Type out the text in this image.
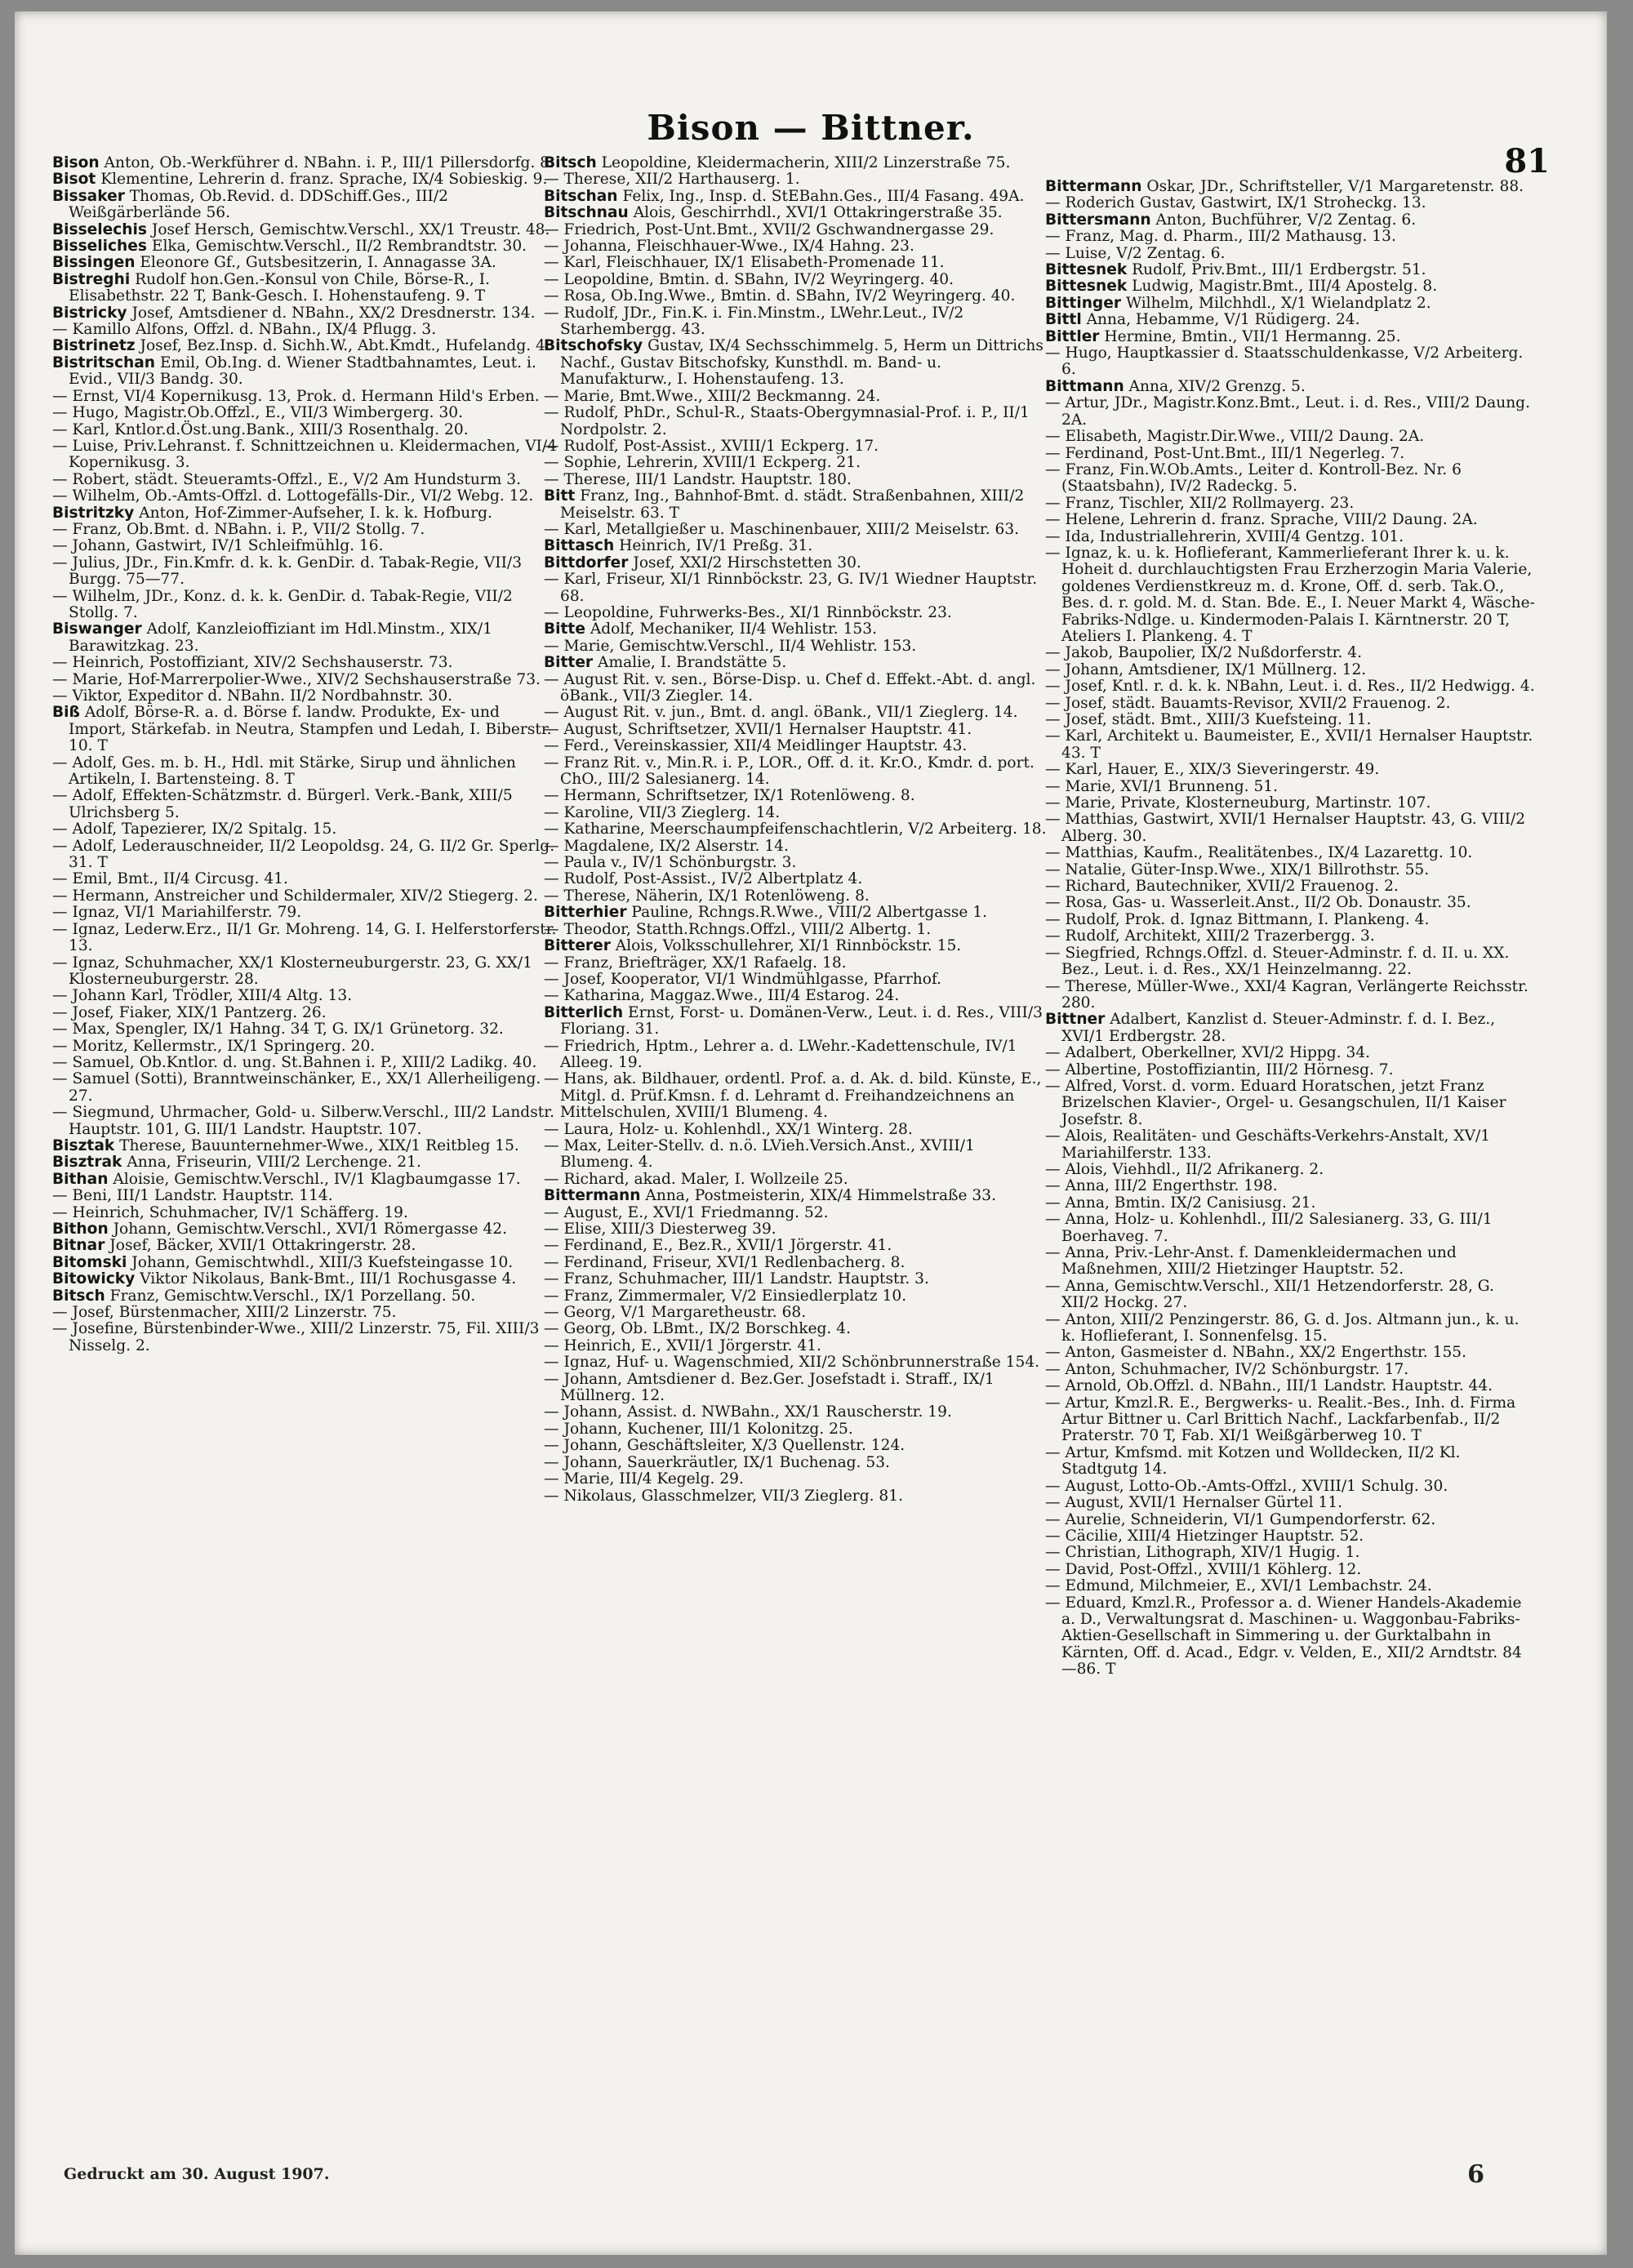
Bison — Bittner.
81
Bison Anton, Ob.-Werkführer d. NBahn. i. P., III/1 Pillersdorfg. 8.
Bisot Klementine, Lehrerin d. franz. Sprache, IX/4 Sobieskig. 9.
Bissaker Thomas, Ob.Revid. d. DDSchiff.Ges., III/2 Weißgärberlände 56.
Bisselechis Josef Hersch, Gemischtw.Verschl., XX/1 Treustr. 48.
Bisseliches Elka, Gemischtw.Verschl., II/2 Rembrandtstr. 30.
Bissingen Eleonore Gf., Gutsbesitzerin, I. Annagasse 3A.
Bistreghi Rudolf hon.Gen.-Konsul von Chile, Börse-R., I. Elisabethstr. 22 T, Bank-Gesch. I. Hohenstaufeng. 9. T
Bistricky Josef, Amtsdiener d. NBahn., XX/2 Dresdnerstr. 134.
— Kamillo Alfons, Offzl. d. NBahn., IX/4 Pflugg. 3.
Bistrinetz Josef, Bez.Insp. d. Sichh.W., Abt.Kmdt., Hufelandg. 4.
Bistritschan Emil, Ob.Ing. d. Wiener Stadtbahnamtes, Leut. i. Evid., VII/3 Bandg. 30.
— Ernst, VI/4 Kopernikusg. 13, Prok. d. Hermann Hild's Erben.
— Hugo, Magistr.Ob.Offzl., E., VII/3 Wimbergerg. 30.
— Karl, Kntlor.d.Öst.ung.Bank., XIII/3 Rosenthalg. 20.
— Luise, Priv.Lehranst. f. Schnittzeichnen u. Kleidermachen, VI/4 Kopernikusg. 3.
— Robert, städt. Steueramts-Offzl., E., V/2 Am Hundsturm 3.
— Wilhelm, Ob.-Amts-Offzl. d. Lottogefälls-Dir., VI/2 Webg. 12.
Bistritzky Anton, Hof-Zimmer-Aufseher, I. k. k. Hofburg.
— Franz, Ob.Bmt. d. NBahn. i. P., VII/2 Stollg. 7.
— Johann, Gastwirt, IV/1 Schleifmühlg. 16.
— Julius, JDr., Fin.Kmfr. d. k. k. GenDir. d. Tabak-Regie, VII/3 Burgg. 75—77.
— Wilhelm, JDr., Konz. d. k. k. GenDir. d. Tabak-Regie, VII/2 Stollg. 7.
Biswanger Adolf, Kanzleioffiziant im Hdl.Minstm., XIX/1 Barawitzkag. 23.
— Heinrich, Postoffiziant, XIV/2 Sechshauserstr. 73.
— Marie, Hof-Marrerpolier-Wwe., XIV/2 Sechshauserstraße 73.
— Viktor, Expeditor d. NBahn. II/2 Nordbahnstr. 30.
Biß Adolf, Börse-R. a. d. Börse f. landw. Produkte, Ex- und Import, Stärkefab. in Neutra, Stampfen und Ledah, I. Biberstr. 10. T
— Adolf, Ges. m. b. H., Hdl. mit Stärke, Sirup und ähnlichen Artikeln, I. Bartensteing. 8. T
— Adolf, Effekten-Schätzmstr. d. Bürgerl. Verk.-Bank, XIII/5 Ulrichsberg 5.
— Adolf, Tapezierer, IX/2 Spitalg. 15.
— Adolf, Lederauschneider, II/2 Leopoldsg. 24, G. II/2 Gr. Sperlg. 31. T
— Emil, Bmt., II/4 Circusg. 41.
— Hermann, Anstreicher und Schildermaler, XIV/2 Stiegerg. 2.
— Ignaz, VI/1 Mariahilferstr. 79.
— Ignaz, Lederw.Erz., II/1 Gr. Mohreng. 14, G. I. Helferstorferstr. 13.
— Ignaz, Schuhmacher, XX/1 Klosterneuburgerstr. 23, G. XX/1 Klosterneuburgerstr. 28.
— Johann Karl, Trödler, XIII/4 Altg. 13.
— Josef, Fiaker, XIX/1 Pantzerg. 26.
— Max, Spengler, IX/1 Hahng. 34 T, G. IX/1 Grünetorg. 32.
— Moritz, Kellermstr., IX/1 Springerg. 20.
— Samuel, Ob.Kntlor. d. ung. St.Bahnen i. P., XIII/2 Ladikg. 40.
— Samuel (Sotti), Branntweinschänker, E., XX/1 Allerheiligeng. 27.
— Siegmund, Uhrmacher, Gold- u. Silberw.Verschl., III/2 Landstr. Hauptstr. 101, G. III/1 Landstr. Hauptstr. 107.
Bisztak Therese, Bauunternehmer-Wwe., XIX/1 Reitbleg 15.
Bisztrak Anna, Friseurin, VIII/2 Lerchenge. 21.
Bithan Aloisie, Gemischtw.Verschl., IV/1 Klagbaumgasse 17.
— Beni, III/1 Landstr. Hauptstr. 114.
— Heinrich, Schuhmacher, IV/1 Schäfferg. 19.
Bithon Johann, Gemischtw.Verschl., XVI/1 Römergasse 42.
Bitnar Josef, Bäcker, XVII/1 Ottakringerstr. 28.
Bitomski Johann, Gemischtwhdl., XIII/3 Kuefsteingasse 10.
Bitowicky Viktor Nikolaus, Bank-Bmt., III/1 Rochusgasse 4.
Bitsch Franz, Gemischtw.Verschl., IX/1 Porzellang. 50.
— Josef, Bürstenmacher, XIII/2 Linzerstr. 75.
— Josefine, Bürstenbinder-Wwe., XIII/2 Linzerstr. 75, Fil. XIII/3 Nisselg. 2.
Bitsch Leopoldine, Kleidermacherin, XIII/2 Linzerstraße 75.
— Therese, XII/2 Harthauserg. 1.
Bitschan Felix, Ing., Insp. d. StEBahn.Ges., III/4 Fasang. 49A.
Bitschnau Alois, Geschirrhdl., XVI/1 Ottakringerstraße 35.
— Friedrich, Post-Unt.Bmt., XVII/2 Gschwandnergasse 29.
— Johanna, Fleischhauer-Wwe., IX/4 Hahng. 23.
— Karl, Fleischhauer, IX/1 Elisabeth-Promenade 11.
— Leopoldine, Bmtin. d. SBahn, IV/2 Weyringerg. 40.
— Rosa, Ob.Ing.Wwe., Bmtin. d. SBahn, IV/2 Weyringerg. 40.
— Rudolf, JDr., Fin.K. i. Fin.Minstm., LWehr.Leut., IV/2 Starhembergg. 43.
Bitschofsky Gustav, IX/4 Sechsschimmelg. 5, Herm un Dittrichs Nachf., Gustav Bitschofsky, Kunsthdl. m. Band- u. Manufakturw., I. Hohenstaufeng. 13.
— Marie, Bmt.Wwe., XIII/2 Beckmanng. 24.
— Rudolf, PhDr., Schul-R., Staats-Obergymnasial-Prof. i. P., II/1 Nordpolstr. 2.
— Rudolf, Post-Assist., XVIII/1 Eckperg. 17.
— Sophie, Lehrerin, XVIII/1 Eckperg. 21.
— Therese, III/1 Landstr. Hauptstr. 180.
Bitt Franz, Ing., Bahnhof-Bmt. d. städt. Straßenbahnen, XIII/2 Meiselstr. 63. T
— Karl, Metallgießer u. Maschinenbauer, XIII/2 Meiselstr. 63.
Bittasch Heinrich, IV/1 Preßg. 31.
Bittdorfer Josef, XXI/2 Hirschstetten 30.
— Karl, Friseur, XI/1 Rinnböckstr. 23, G. IV/1 Wiedner Hauptstr. 68.
— Leopoldine, Fuhrwerks-Bes., XI/1 Rinnböckstr. 23.
Bitte Adolf, Mechaniker, II/4 Wehlistr. 153.
— Marie, Gemischtw.Verschl., II/4 Wehlistr. 153.
Bitter Amalie, I. Brandstätte 5.
— August Rit. v. sen., Börse-Disp. u. Chef d. Effekt.-Abt. d. angl. öBank., VII/3 Ziegler. 14.
— August Rit. v. jun., Bmt. d. angl. öBank., VII/1 Zieglerg. 14.
— August, Schriftsetzer, XVII/1 Hernalser Hauptstr. 41.
— Ferd., Vereinskassier, XII/4 Meidlinger Hauptstr. 43.
— Franz Rit. v., Min.R. i. P., LOR., Off. d. it. Kr.O., Kmdr. d. port. ChO., III/2 Salesianerg. 14.
— Hermann, Schriftsetzer, IX/1 Rotenlöweng. 8.
— Karoline, VII/3 Zieglerg. 14.
— Katharine, Meerschaumpfeifenschachtlerin, V/2 Arbeiterg. 18.
— Magdalene, IX/2 Alserstr. 14.
— Paula v., IV/1 Schönburgstr. 3.
— Rudolf, Post-Assist., IV/2 Albertplatz 4.
— Therese, Näherin, IX/1 Rotenlöweng. 8.
Bitterhier Pauline, Rchngs.R.Wwe., VIII/2 Albertgasse 1.
— Theodor, Statth.Rchngs.Offzl., VIII/2 Albertg. 1.
Bitterer Alois, Volksschullehrer, XI/1 Rinnböckstr. 15.
— Franz, Briefträger, XX/1 Rafaelg. 18.
— Josef, Kooperator, VI/1 Windmühlgasse, Pfarrhof.
— Katharina, Maggaz.Wwe., III/4 Estarog. 24.
Bitterlich Ernst, Forst- u. Domänen-Verw., Leut. i. d. Res., VIII/3 Floriang. 31.
— Friedrich, Hptm., Lehrer a. d. LWehr.-Kadettenschule, IV/1 Alleeg. 19.
— Hans, ak. Bildhauer, ordentl. Prof. a. d. Ak. d. bild. Künste, E., Mitgl. d. Prüf.Kmsn. f. d. Lehramt d. Freihandzeichnens an Mittelschulen, XVIII/1 Blumeng. 4.
— Laura, Holz- u. Kohlenhdl., XX/1 Winterg. 28.
— Max, Leiter-Stellv. d. n.ö. LVieh.Versich.Anst., XVIII/1 Blumeng. 4.
— Richard, akad. Maler, I. Wollzeile 25.
Bittermann Anna, Postmeisterin, XIX/4 Himmelstraße 33.
— August, E., XVI/1 Friedmanng. 52.
— Elise, XIII/3 Diesterweg 39.
— Ferdinand, E., Bez.R., XVII/1 Jörgerstr. 41.
— Ferdinand, Friseur, XVI/1 Redlenbacherg. 8.
— Franz, Schuhmacher, III/1 Landstr. Hauptstr. 3.
— Franz, Zimmermaler, V/2 Einsiedlerplatz 10.
— Georg, V/1 Margaretheustr. 68.
— Georg, Ob. LBmt., IX/2 Borschkeg. 4.
— Heinrich, E., XVII/1 Jörgerstr. 41.
— Ignaz, Huf- u. Wagenschmied, XII/2 Schönbrunnerstraße 154.
— Johann, Amtsdiener d. Bez.Ger. Josefstadt i. Straff., IX/1 Müllnerg. 12.
— Johann, Assist. d. NWBahn., XX/1 Rauscherstr. 19.
— Johann, Kuchener, III/1 Kolonitzg. 25.
— Johann, Geschäftsleiter, X/3 Quellenstr. 124.
— Johann, Sauerkräutler, IX/1 Buchenag. 53.
— Marie, III/4 Kegelg. 29.
— Nikolaus, Glasschmelzer, VII/3 Zieglerg. 81.
Bittermann Oskar, JDr., Schriftsteller, V/1 Margaretenstr. 88.
— Roderich Gustav, Gastwirt, IX/1 Stroheckg. 13.
Bittersmann Anton, Buchführer, V/2 Zentag. 6.
— Franz, Mag. d. Pharm., III/2 Mathausg. 13.
— Luise, V/2 Zentag. 6.
Bittesnek Rudolf, Priv.Bmt., III/1 Erdbergstr. 51.
Bittesnek Ludwig, Magistr.Bmt., III/4 Apostelg. 8.
Bittinger Wilhelm, Milchhdl., X/1 Wielandplatz 2.
Bittl Anna, Hebamme, V/1 Rüdigerg. 24.
Bittler Hermine, Bmtin., VII/1 Hermanng. 25.
— Hugo, Hauptkassier d. Staatsschuldenkasse, V/2 Arbeiterg. 6.
Bittmann Anna, XIV/2 Grenzg. 5.
— Artur, JDr., Magistr.Konz.Bmt., Leut. i. d. Res., VIII/2 Daung. 2A.
— Elisabeth, Magistr.Dir.Wwe., VIII/2 Daung. 2A.
— Ferdinand, Post-Unt.Bmt., III/1 Negerleg. 7.
— Franz, Fin.W.Ob.Amts., Leiter d. Kontroll-Bez. Nr. 6 (Staatsbahn), IV/2 Radeckg. 5.
— Franz, Tischler, XII/2 Rollmayerg. 23.
— Helene, Lehrerin d. franz. Sprache, VIII/2 Daung. 2A.
— Ida, Industriallehrerin, XVIII/4 Gentzg. 101.
— Ignaz, k. u. k. Hoflieferant, Kammerlieferant Ihrer k. u. k. Hoheit d. durchlauchtigsten Frau Erzherzogin Maria Valerie, goldenes Verdienstkreuz m. d. Krone, Off. d. serb. Tak.O., Bes. d. r. gold. M. d. Stan. Bde. E., I. Neuer Markt 4, Wäsche-Fabriks-Ndlge. u. Kindermoden-Palais I. Kärntnerstr. 20 T, Ateliers I. Plankeng. 4. T
— Jakob, Baupolier, IX/2 Nußdorferstr. 4.
— Johann, Amtsdiener, IX/1 Müllnerg. 12.
— Josef, Kntl. r. d. k. k. NBahn, Leut. i. d. Res., II/2 Hedwigg. 4.
— Josef, städt. Bauamts-Revisor, XVII/2 Frauenog. 2.
— Josef, städt. Bmt., XIII/3 Kuefsteing. 11.
— Karl, Architekt u. Baumeister, E., XVII/1 Hernalser Hauptstr. 43. T
— Karl, Hauer, E., XIX/3 Sieveringerstr. 49.
— Marie, XVI/1 Brunneng. 51.
— Marie, Private, Klosterneuburg, Martinstr. 107.
— Matthias, Gastwirt, XVII/1 Hernalser Hauptstr. 43, G. VIII/2 Alberg. 30.
— Matthias, Kaufm., Realitätenbes., IX/4 Lazarettg. 10.
— Natalie, Güter-Insp.Wwe., XIX/1 Billrothstr. 55.
— Richard, Bautechniker, XVII/2 Frauenog. 2.
— Rosa, Gas- u. Wasserleit.Anst., II/2 Ob. Donaustr. 35.
— Rudolf, Prok. d. Ignaz Bittmann, I. Plankeng. 4.
— Rudolf, Architekt, XIII/2 Trazerbergg. 3.
— Siegfried, Rchngs.Offzl. d. Steuer-Adminstr. f. d. II. u. XX. Bez., Leut. i. d. Res., XX/1 Heinzelmanng. 22.
— Therese, Müller-Wwe., XXI/4 Kagran, Verlängerte Reichsstr. 280.
Bittner Adalbert, Kanzlist d. Steuer-Adminstr. f. d. I. Bez., XVI/1 Erdbergstr. 28.
— Adalbert, Oberkellner, XVI/2 Hippg. 34.
— Albertine, Postoffiziantin, III/2 Hörnesg. 7.
— Alfred, Vorst. d. vorm. Eduard Horatschen, jetzt Franz Brizelschen Klavier-, Orgel- u. Gesangschulen, II/1 Kaiser Josefstr. 8.
— Alois, Realitäten- und Geschäfts-Verkehrs-Anstalt, XV/1 Mariahilferstr. 133.
— Alois, Viehhdl., II/2 Afrikanerg. 2.
— Anna, III/2 Engerthstr. 198.
— Anna, Bmtin. IX/2 Canisiusg. 21.
— Anna, Holz- u. Kohlenhdl., III/2 Salesianerg. 33, G. III/1 Boerhaveg. 7.
— Anna, Priv.-Lehr-Anst. f. Damenkleidermachen und Maßnehmen, XIII/2 Hietzinger Hauptstr. 52.
— Anna, Gemischtw.Verschl., XII/1 Hetzendorferstr. 28, G. XII/2 Hockg. 27.
— Anton, XIII/2 Penzingerstr. 86, G. d. Jos. Altmann jun., k. u. k. Hoflieferant, I. Sonnenfelsg. 15.
— Anton, Gasmeister d. NBahn., XX/2 Engerthstr. 155.
— Anton, Schuhmacher, IV/2 Schönburgstr. 17.
— Arnold, Ob.Offzl. d. NBahn., III/1 Landstr. Hauptstr. 44.
— Artur, Kmzl.R. E., Bergwerks- u. Realit.-Bes., Inh. d. Firma Artur Bittner u. Carl Brittich Nachf., Lackfarbenfab., II/2 Praterstr. 70 T, Fab. XI/1 Weißgärberweg 10. T
— Artur, Kmfsmd. mit Kotzen und Wolldecken, II/2 Kl. Stadtgutg 14.
— August, Lotto-Ob.-Amts-Offzl., XVIII/1 Schulg. 30.
— August, XVII/1 Hernalser Gürtel 11.
— Aurelie, Schneiderin, VI/1 Gumpendorferstr. 62.
— Cäcilie, XIII/4 Hietzinger Hauptstr. 52.
— Christian, Lithograph, XIV/1 Hugig. 1.
— David, Post-Offzl., XVIII/1 Köhlerg. 12.
— Edmund, Milchmeier, E., XVI/1 Lembachstr. 24.
— Eduard, Kmzl.R., Professor a. d. Wiener Handels-Akademie a. D., Verwaltungsrat d. Maschinen- u. Waggonbau-Fabriks-Aktien-Gesellschaft in Simmering u. der Gurktalbahn in Kärnten, Off. d. Acad., Edgr. v. Velden, E., XII/2 Arndtstr. 84—86. T
Gedruckt am 30. August 1907.	6
